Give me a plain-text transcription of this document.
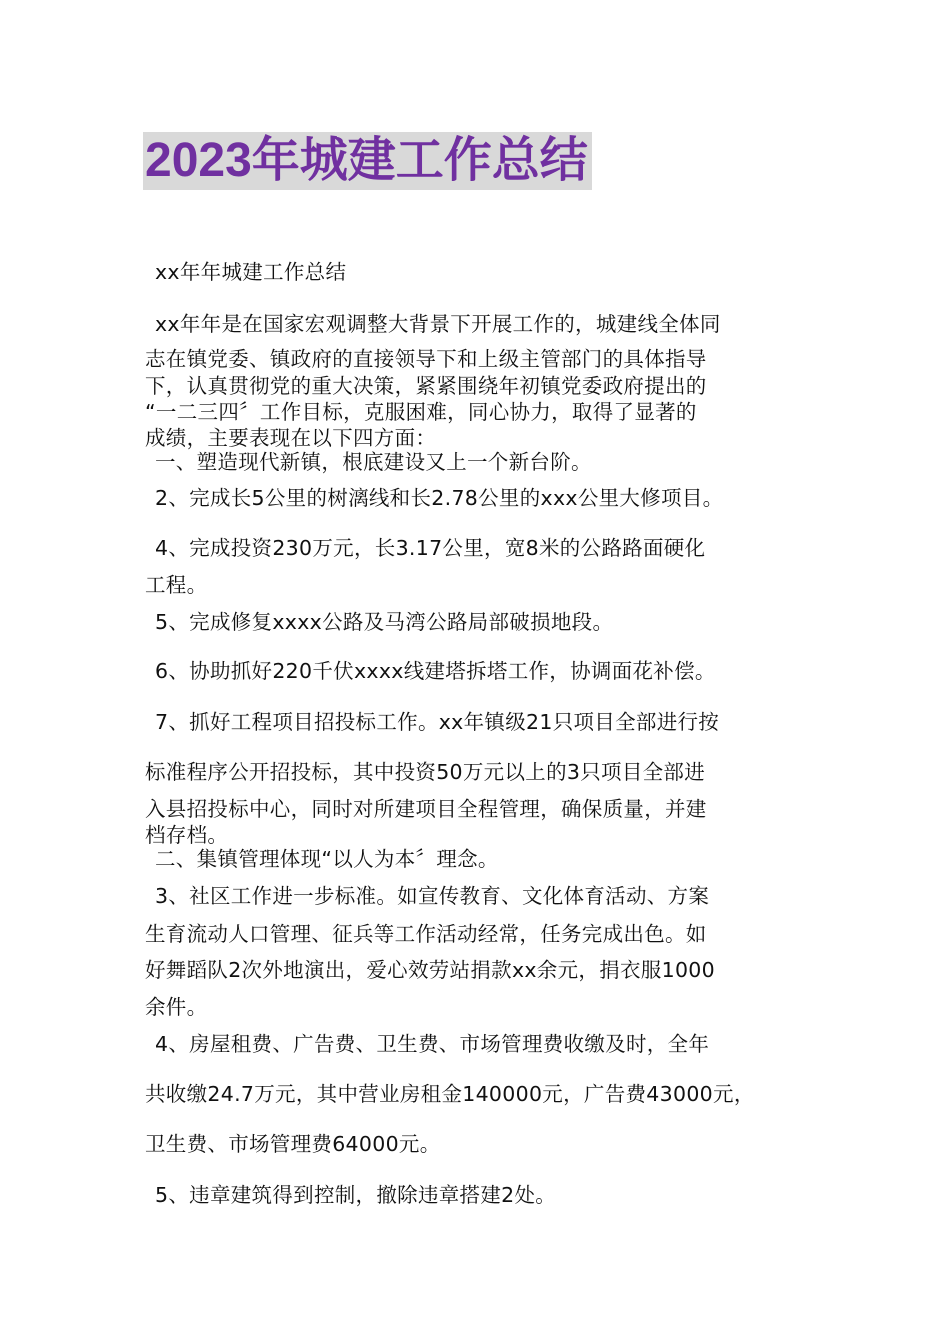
2023年城建工作总结
xx年年城建工作总结
xx年年是在国家宏观调整大背景下开展工作的，城建线全体同
志在镇党委、镇政府的直接领导下和上级主管部门的具体指导
下，认真贯彻党的重大决策，紧紧围绕年初镇党委政府提出的
“一二三四〞工作目标，克服困难，同心协力，取得了显著的
成绩，主要表现在以下四方面：
一、塑造现代新镇，根底建设又上一个新台阶。
2、完成长5公里的树漓线和长2.78公里的xxx公里大修项目。
4、完成投资230万元，长3.17公里，宽8米的公路路面硬化
工程。
5、完成修复xxxx公路及马湾公路局部破损地段。
6、协助抓好220千伏xxxx线建塔拆塔工作，协调面花补偿。
7、抓好工程项目招投标工作。xx年镇级21只项目全部进行按
标准程序公开招投标，其中投资50万元以上的3只项目全部进
入县招投标中心，同时对所建项目全程管理，确保质量，并建
档存档。
二、集镇管理体现“以人为本〞理念。
3、社区工作进一步标准。如宣传教育、文化体育活动、方案
生育流动人口管理、征兵等工作活动经常，任务完成出色。如
好舞蹈队2次外地演出，爱心效劳站捐款xx余元，捐衣服1000
余件。
4、房屋租费、广告费、卫生费、市场管理费收缴及时，全年
共收缴24.7万元，其中营业房租金140000元，广告费43000元，
卫生费、市场管理费64000元。
5、违章建筑得到控制，撤除违章搭建2处。
